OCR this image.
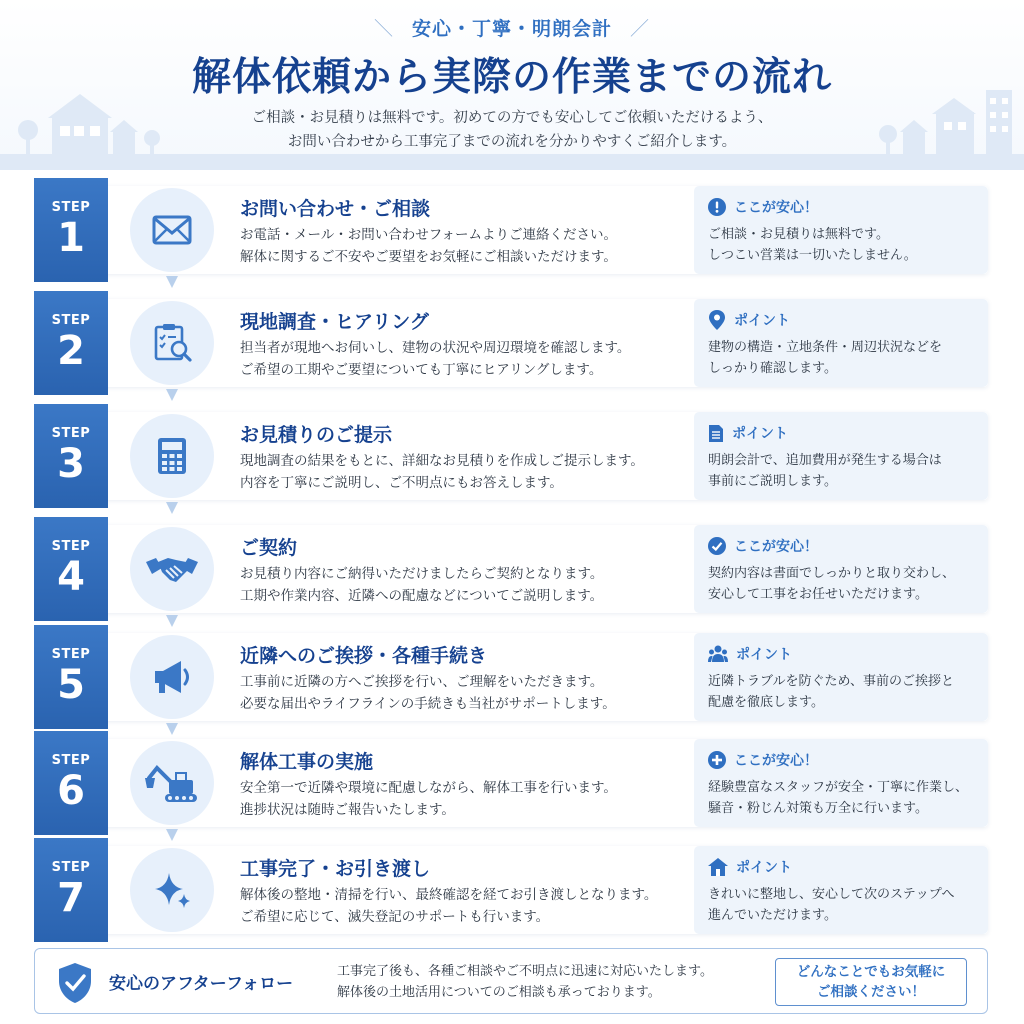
＼ 安心・丁寧・明朗会計 ／
解体依頼から実際の作業までの流れ
ご相談・お見積りは無料です。初めての方でも安心してご依頼いただけるよう、
お問い合わせから工事完了までの流れを分かりやすくご紹介します。
STEP
1
お問い合わせ・ご相談
お電話・メール・お問い合わせフォームよりご連絡ください。
解体に関するご不安やご要望をお気軽にご相談いただけます。
ここが安心！
ご相談・お見積りは無料です。
しつこい営業は一切いたしません。
STEP
2
現地調査・ヒアリング
担当者が現地へお伺いし、建物の状況や周辺環境を確認します。
ご希望の工期やご要望についても丁寧にヒアリングします。
ポイント
建物の構造・立地条件・周辺状況などを
しっかり確認します。
STEP
3
お見積りのご提示
現地調査の結果をもとに、詳細なお見積りを作成しご提示します。
内容を丁寧にご説明し、ご不明点にもお答えします。
ポイント
明朗会計で、追加費用が発生する場合は
事前にご説明します。
STEP
4
ご契約
お見積り内容にご納得いただけましたらご契約となります。
工期や作業内容、近隣への配慮などについてご説明します。
ここが安心！
契約内容は書面でしっかりと取り交わし、
安心して工事をお任せいただけます。
STEP
5
近隣へのご挨拶・各種手続き
工事前に近隣の方へご挨拶を行い、ご理解をいただきます。
必要な届出やライフラインの手続きも当社がサポートします。
ポイント
近隣トラブルを防ぐため、事前のご挨拶と
配慮を徹底します。
STEP
6
解体工事の実施
安全第一で近隣や環境に配慮しながら、解体工事を行います。
進捗状況は随時ご報告いたします。
ここが安心！
経験豊富なスタッフが安全・丁寧に作業し、
騒音・粉じん対策も万全に行います。
STEP
7
工事完了・お引き渡し
解体後の整地・清掃を行い、最終確認を経てお引き渡しとなります。
ご希望に応じて、滅失登記のサポートも行います。
ポイント
きれいに整地し、安心して次のステップへ
進んでいただけます。
安心のアフターフォロー
工事完了後も、各種ご相談やご不明点に迅速に対応いたします。
解体後の土地活用についてのご相談も承っております。
どんなことでもお気軽に
ご相談ください！
